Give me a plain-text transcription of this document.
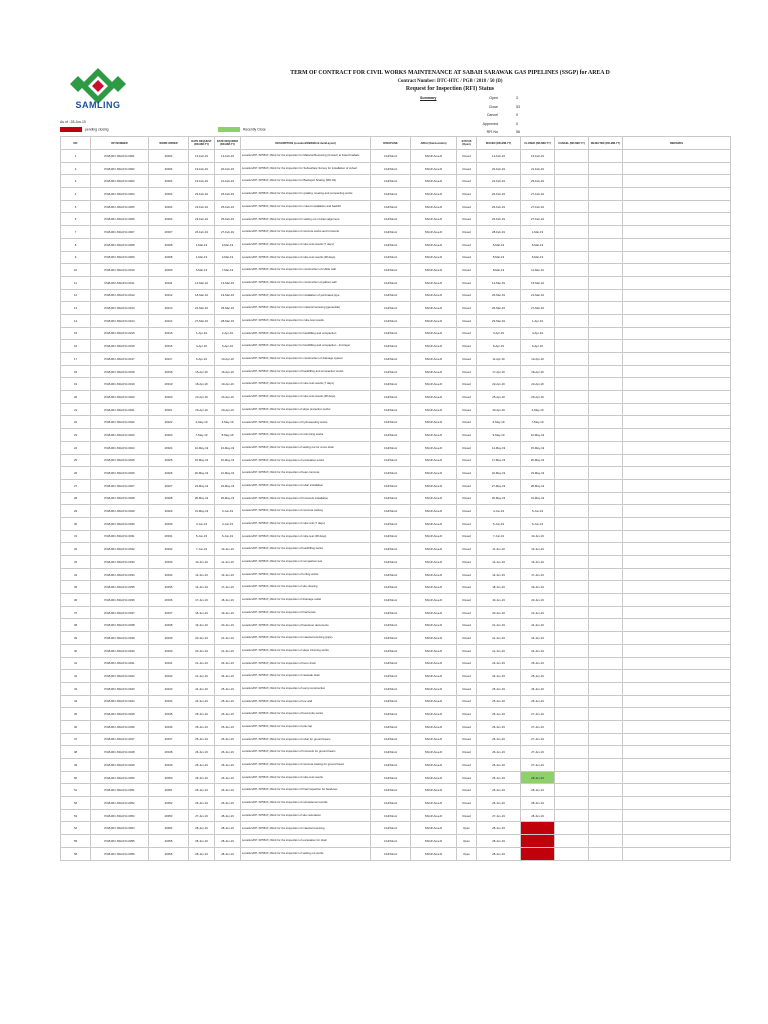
SAMLING
TERM OF CONTRACT FOR CIVIL WORKS MAINTENANCE AT SABAH SARAWAK GAS PIPELINES (SSGP) for AREA D
Contract Number: DTC-HTC / PGB / 2018 / 50 (D)
Request for Inspection (RFI) Status
Summary	Open	3
Close	53
Cancel	0
Approved	0
RFI No	56
As of : 28-Jun-19
pending closing	Recently Close
NO	RFI NUMBER	WORK ORDER	DATE REQUEST (DD-MM-YY)	DATE REQUIRED (DD-MM-YY)	DESCRIPTION (Location/WBS/Work item/Layout)	DISCIPLINE	AREA (Site/Location)	STATUS (Open)	ISSUED (DD-MM-YY)	CLOSED (DD-MM-YY)	CANCEL (DD-MM-YY)	REJECTED (DD-MM-YY)	REMARKS
1	PGB-RFI-SSGP-D-0001	20004	13-Feb-19	14-Feb-19	Location/KP: KP58.8 | Work for the inspection for Material Receiving (Culvert) at Kota Kinabalu	Civil/Struct	SSGP-Area D	Closed	14-Feb-19	15-Feb-19			
2	PGB-RFI-SSGP-D-0002	20004	19-Feb-19	20-Feb-19	Location/KP: KP58.8 | Work for the inspection for Subsurface Survey for installation of culvert	Civil/Struct	SSGP-Area D	Closed	20-Feb-19	21-Feb-19			
3	PGB-RFI-SSGP-D-0003	20004	19-Feb-19	21-Feb-19	Location/KP: KP58.8 | Work for the inspection for Backspot Scaling (RFI-02)	Civil/Struct	SSGP-Area D	Closed	22-Feb-19	25-Feb-19			
4	PGB-RFI-SSGP-D-0004	20004	23-Feb-19	25-Feb-19	Location/KP: KP58.8 | Work for the inspection for grading, leveling and compacting works	Civil/Struct	SSGP-Area D	Closed	26-Feb-19	27-Feb-19			
5	PGB-RFI-SSGP-D-0005	20004	23-Feb-19	25-Feb-19	Location/KP: KP58.8 | Work for the inspection for culvert installation and backfill	Civil/Struct	SSGP-Area D	Closed	26-Feb-19	27-Feb-19			
6	PGB-RFI-SSGP-D-0006	20004	23-Feb-19	25-Feb-19	Location/KP: KP58.8 | Work for the inspection for setting out of drain alignment	Civil/Struct	SSGP-Area D	Closed	26-Feb-19	27-Feb-19			
7	PGB-RFI-SSGP-D-0007	20007	26-Feb-19	27-Feb-19	Location/KP: KP58.8 | Work for the inspection of concrete works and formwork	Civil/Struct	SSGP-Area D	Closed	28-Feb-19	1-Mar-19			
8	PGB-RFI-SSGP-D-0008	20008	1-Mar-19	4-Mar-19	Location/KP: KP58.8 | Work for the inspection of cube test results (7 days)	Civil/Struct	SSGP-Area D	Closed	5-Mar-19	6-Mar-19			
9	PGB-RFI-SSGP-D-0009	20008	1-Mar-19	4-Mar-19	Location/KP: KP58.8 | Work for the inspection of cube test results (28 days)	Civil/Struct	SSGP-Area D	Closed	5-Mar-19	6-Mar-19			
10	PGB-RFI-SSGP-D-0010	20009	6-Mar-19	7-Mar-19	Location/KP: KP58.8 | Work for the inspection for construction of rubble wall	Civil/Struct	SSGP-Area D	Closed	8-Mar-19	11-Mar-19			
11	PGB-RFI-SSGP-D-0011	20011	12-Mar-19	13-Mar-19	Location/KP: KP58.8 | Work for the inspection for construction of gabion wall	Civil/Struct	SSGP-Area D	Closed	14-Mar-19	15-Mar-19			
12	PGB-RFI-SSGP-D-0012	20012	18-Mar-19	19-Mar-19	Location/KP: KP58.8 | Work for the inspection for installation of perforated pipe	Civil/Struct	SSGP-Area D	Closed	20-Mar-19	21-Mar-19			
13	PGB-RFI-SSGP-D-0013	20013	22-Mar-19	25-Mar-19	Location/KP: KP58.8 | Work for the inspection for material receiving (geotextile)	Civil/Struct	SSGP-Area D	Closed	26-Mar-19	27-Mar-19			
14	PGB-RFI-SSGP-D-0014	20014	27-Mar-19	28-Mar-19	Location/KP: KP58.8 | Work for the inspection for cube test results	Civil/Struct	SSGP-Area D	Closed	29-Mar-19	1-Apr-19			
15	PGB-RFI-SSGP-D-0015	20015	1-Apr-19	2-Apr-19	Location/KP: KP58.8 | Work for the inspection for backfilling and compaction	Civil/Struct	SSGP-Area D	Closed	3-Apr-19	4-Apr-19			
16	PGB-RFI-SSGP-D-0016	20016	4-Apr-19	5-Apr-19	Location/KP: KP58.8 | Work for the inspection for backfilling and compaction - 2nd layer	Civil/Struct	SSGP-Area D	Closed	8-Apr-19	9-Apr-19			
17	PGB-RFI-SSGP-D-0017	20017	9-Apr-19	10-Apr-19	Location/KP: KP58.8 | Work for the inspection for construction of drainage system	Civil/Struct	SSGP-Area D	Closed	11-Apr-19	12-Apr-19			
18	PGB-RFI-SSGP-D-0018	20018	15-Apr-19	16-Apr-19	Location/KP: KP58.8 | Work for the inspection of backfilling and compaction works	Civil/Struct	SSGP-Area D	Closed	17-Apr-19	18-Apr-19			
19	PGB-RFI-SSGP-D-0019	20019	18-Apr-19	19-Apr-19	Location/KP: KP58.8 | Work for the inspection of cube test results (7 days)	Civil/Struct	SSGP-Area D	Closed	22-Apr-19	23-Apr-19			
20	PGB-RFI-SSGP-D-0020	20020	23-Apr-19	24-Apr-19	Location/KP: KP58.8 | Work for the inspection of cube test results (28 days)	Civil/Struct	SSGP-Area D	Closed	25-Apr-19	26-Apr-19			
21	PGB-RFI-SSGP-D-0021	20021	26-Apr-19	29-Apr-19	Location/KP: KP58.8 | Work for the inspection of slope protection works	Civil/Struct	SSGP-Area D	Closed	30-Apr-19	2-May-19			
22	PGB-RFI-SSGP-D-0022	20022	2-May-19	3-May-19	Location/KP: KP58.8 | Work for the inspection of hydroseeding works	Civil/Struct	SSGP-Area D	Closed	6-May-19	7-May-19			
23	PGB-RFI-SSGP-D-0023	20023	7-May-19	8-May-19	Location/KP: KP58.8 | Work for the inspection of rock lining works	Civil/Struct	SSGP-Area D	Closed	9-May-19	10-May-19			
24	PGB-RFI-SSGP-D-0024	20024	10-May-19	13-May-19	Location/KP: KP58.8 | Work for the inspection of setting out for cross drain	Civil/Struct	SSGP-Area D	Closed	14-May-19	15-May-19			
25	PGB-RFI-SSGP-D-0025	20025	15-May-19	16-May-19	Location/KP: KP58.8 | Work for the inspection of excavation works	Civil/Struct	SSGP-Area D	Closed	17-May-19	20-May-19			
26	PGB-RFI-SSGP-D-0026	20026	20-May-19	21-May-19	Location/KP: KP58.8 | Work for the inspection of lean concrete	Civil/Struct	SSGP-Area D	Closed	22-May-19	23-May-19			
27	PGB-RFI-SSGP-D-0027	20027	23-May-19	24-May-19	Location/KP: KP58.8 | Work for the inspection of rebar installation	Civil/Struct	SSGP-Area D	Closed	27-May-19	28-May-19			
28	PGB-RFI-SSGP-D-0028	20028	28-May-19	29-May-19	Location/KP: KP58.8 | Work for the inspection of formwork installation	Civil/Struct	SSGP-Area D	Closed	30-May-19	31-May-19			
29	PGB-RFI-SSGP-D-0029	20029	31-May-19	3-Jun-19	Location/KP: KP58.8 | Work for the inspection of concrete casting	Civil/Struct	SSGP-Area D	Closed	4-Jun-19	5-Jun-19			
30	PGB-RFI-SSGP-D-0030	20030	3-Jun-19	4-Jun-19	Location/KP: KP58.8 | Work for the inspection of cube test (7 days)	Civil/Struct	SSGP-Area D	Closed	5-Jun-19	6-Jun-19			
31	PGB-RFI-SSGP-D-0031	20031	5-Jun-19	6-Jun-19	Location/KP: KP58.8 | Work for the inspection of cube test (28 days)	Civil/Struct	SSGP-Area D	Closed	7-Jun-19	10-Jun-19			
32	PGB-RFI-SSGP-D-0032	20032	7-Jun-19	10-Jun-19	Location/KP: KP58.8 | Work for the inspection of backfilling works	Civil/Struct	SSGP-Area D	Closed	11-Jun-19	12-Jun-19			
33	PGB-RFI-SSGP-D-0033	20033	10-Jun-19	11-Jun-19	Location/KP: KP58.8 | Work for the inspection of compaction test	Civil/Struct	SSGP-Area D	Closed	12-Jun-19	13-Jun-19			
34	PGB-RFI-SSGP-D-0034	20034	12-Jun-19	13-Jun-19	Location/KP: KP58.8 | Work for the inspection of turfing works	Civil/Struct	SSGP-Area D	Closed	14-Jun-19	17-Jun-19			
35	PGB-RFI-SSGP-D-0035	20035	14-Jun-19	17-Jun-19	Location/KP: KP58.8 | Work for the inspection of site clearing	Civil/Struct	SSGP-Area D	Closed	18-Jun-19	19-Jun-19			
36	PGB-RFI-SSGP-D-0036	20036	17-Jun-19	18-Jun-19	Location/KP: KP58.8 | Work for the inspection of drainage outlet	Civil/Struct	SSGP-Area D	Closed	19-Jun-19	20-Jun-19			
37	PGB-RFI-SSGP-D-0037	20037	18-Jun-19	19-Jun-19	Location/KP: KP58.8 | Work for the inspection of final levels	Civil/Struct	SSGP-Area D	Closed	20-Jun-19	21-Jun-19			
38	PGB-RFI-SSGP-D-0038	20038	19-Jun-19	20-Jun-19	Location/KP: KP58.8 | Work for the inspection of handover documents	Civil/Struct	SSGP-Area D	Closed	21-Jun-19	24-Jun-19			
39	PGB-RFI-SSGP-D-0039	20039	20-Jun-19	21-Jun-19	Location/KP: KP58.8 | Work for the inspection of material receiving (pipe)	Civil/Struct	SSGP-Area D	Closed	21-Jun-19	24-Jun-19			
40	PGB-RFI-SSGP-D-0040	20040	20-Jun-19	21-Jun-19	Location/KP: KP58.8 | Work for the inspection of slope trimming works	Civil/Struct	SSGP-Area D	Closed	21-Jun-19	24-Jun-19			
41	PGB-RFI-SSGP-D-0041	20041	21-Jun-19	24-Jun-19	Location/KP: KP58.8 | Work for the inspection of berm drain	Civil/Struct	SSGP-Area D	Closed	24-Jun-19	25-Jun-19			
42	PGB-RFI-SSGP-D-0042	20042	21-Jun-19	24-Jun-19	Location/KP: KP58.8 | Work for the inspection of cascade drain	Civil/Struct	SSGP-Area D	Closed	24-Jun-19	25-Jun-19			
43	PGB-RFI-SSGP-D-0043	20043	24-Jun-19	25-Jun-19	Location/KP: KP58.8 | Work for the inspection of sump construction	Civil/Struct	SSGP-Area D	Closed	25-Jun-19	26-Jun-19			
44	PGB-RFI-SSGP-D-0044	20044	24-Jun-19	25-Jun-19	Location/KP: KP58.8 | Work for the inspection of toe wall	Civil/Struct	SSGP-Area D	Closed	25-Jun-19	26-Jun-19			
45	PGB-RFI-SSGP-D-0045	20045	25-Jun-19	26-Jun-19	Location/KP: KP58.8 | Work for the inspection of bored pile works	Civil/Struct	SSGP-Area D	Closed	26-Jun-19	27-Jun-19			
46	PGB-RFI-SSGP-D-0046	20046	25-Jun-19	26-Jun-19	Location/KP: KP58.8 | Work for the inspection of pile cap	Civil/Struct	SSGP-Area D	Closed	26-Jun-19	27-Jun-19			
47	PGB-RFI-SSGP-D-0047	20047	25-Jun-19	26-Jun-19	Location/KP: KP58.8 | Work for the inspection of rebar for ground beam	Civil/Struct	SSGP-Area D	Closed	26-Jun-19	27-Jun-19			
48	PGB-RFI-SSGP-D-0048	20048	26-Jun-19	26-Jun-19	Location/KP: KP58.8 | Work for the inspection of formwork for ground beam	Civil/Struct	SSGP-Area D	Closed	26-Jun-19	27-Jun-19			
49	PGB-RFI-SSGP-D-0049	20049	26-Jun-19	26-Jun-19	Location/KP: KP58.8 | Work for the inspection of concrete casting for ground beam	Civil/Struct	SSGP-Area D	Closed	26-Jun-19	27-Jun-19			
50	PGB-RFI-SSGP-D-0050	20050	26-Jun-19	26-Jun-19	Location/KP: KP58.8 | Work for the inspection of cube test results	Civil/Struct	SSGP-Area D	Closed	26-Jun-19	28-Jun-19			
51	PGB-RFI-SSGP-D-0051	20051	26-Jun-19	26-Jun-19	Location/KP: KP58.8 | Work for the inspection of final inspection for handover	Civil/Struct	SSGP-Area D	Closed	26-Jun-19	28-Jun-19			
52	PGB-RFI-SSGP-D-0052	20052	26-Jun-19	26-Jun-19	Location/KP: KP58.8 | Work for the inspection of reinstatement works	Civil/Struct	SSGP-Area D	Closed	26-Jun-19	28-Jun-19			
53	PGB-RFI-SSGP-D-0053	20053	27-Jun-19	28-Jun-19	Location/KP: KP58.8 | Work for the inspection of site restoration	Civil/Struct	SSGP-Area D	Closed	27-Jun-19	28-Jun-19			
54	PGB-RFI-SSGP-D-0054	20054	28-Jun-19	28-Jun-19	Location/KP: KP58.8 | Work for the inspection of material receiving	Civil/Struct	SSGP-Area D	Open	28-Jun-19				
55	PGB-RFI-SSGP-D-0055	20055	28-Jun-19	28-Jun-19	Location/KP: KP58.8 | Work for the inspection of excavation for drain	Civil/Struct	SSGP-Area D	Open	28-Jun-19				
56	PGB-RFI-SSGP-D-0056	20056	28-Jun-19	28-Jun-19	Location/KP: KP58.8 | Work for the inspection of setting out works	Civil/Struct	SSGP-Area D	Open	28-Jun-19				
